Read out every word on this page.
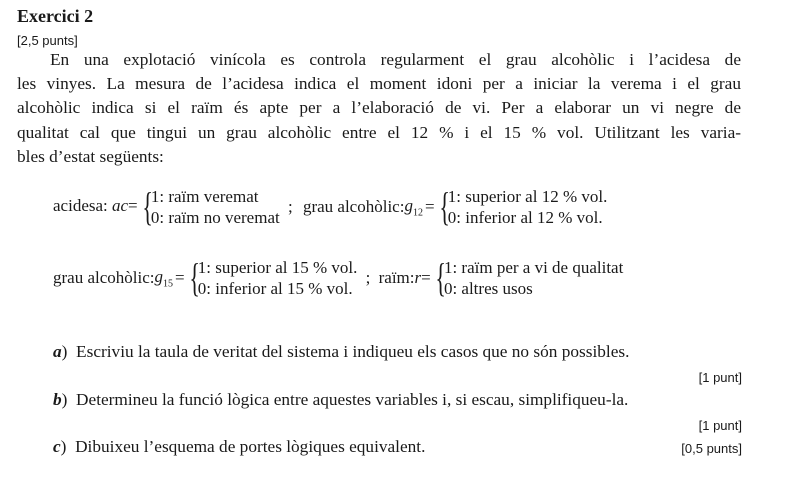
Exercici 2
[2,5 punts]
En una explotació vinícola es controla regularment el grau alcohòlic i l’acidesa de
les vinyes. La mesura de l’acidesa indica el moment idoni per a iniciar la verema i el grau
alcohòlic indica si el raïm és apte per a l’elaboració de vi. Per a elaborar un vi negre de
qualitat cal que tingui un grau alcohòlic entre el 12 % i el 15 % vol. Utilitzant les varia-
bles d’estat següents:
acidesa: ac= {
1: raïm veremat
0: raïm no veremat
; grau $alcohòlic:g_{12}$ = {
1: superior al 12 % vol.
0: inferior al 12 % vol.
grau $alcohòlic:g_{15}$ = {
1: superior al 15 % vol.
0: inferior al 15 % vol.
; raïm:r= {
1: raïm per a vi de qualitat
0: altres usos
a)  Escriviu la taula de veritat del sistema i indiqueu els casos que no són possibles.
[1 punt]
b)  Determineu la funció lògica entre aquestes variables i, si escau, simplifiqueu-la.
[1 punt]
c)  Dibuixeu l’esquema de portes lògiques equivalent.	[0,5 punts]
